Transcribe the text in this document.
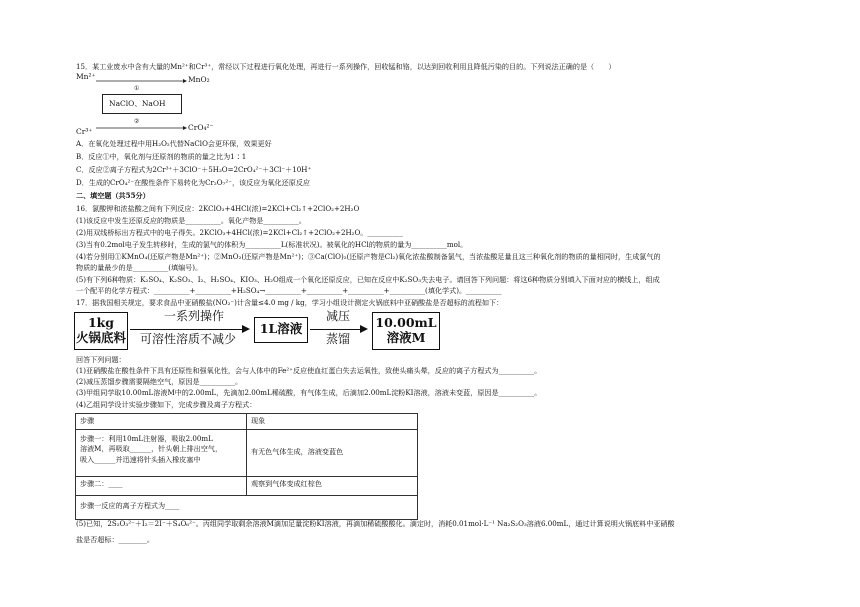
15．某工业废水中含有大量的Mn²⁺和Cr³⁺，常经以下过程进行氧化处理，再进行一系列操作，回收锰和铬，以达到回收利用且降低污染的目的。下列说法正确的是（　　）
Mn²⁺	MnO₂
①
NaClO、NaOH
②
Cr³⁺	CrO₄²⁻
A．在氧化处理过程中用H₂O₂代替NaClO会更环保，效果更好
B．反应①中，氧化剂与还原剂的物质的量之比为1∶1
C．反应②离子方程式为2Cr³⁺＋3ClO⁻＋5H₂O=2CrO₄²⁻＋3Cl⁻＋10H⁺
D．生成的CrO₄²⁻在酸性条件下易转化为Cr₂O₇²⁻，该反应为氧化还原反应
二、填空题（共55分）
16．氯酸钾和浓盐酸之间有下列反应：2KClO₃+4HCl(浓)=2KCl+Cl₂↑+2ClO₂+2H₂O
(1)该反应中发生还原反应的物质是__________。氧化产物是__________。
(2)用双线桥标出方程式中的电子得失。2KClO₃+4HCl(浓)=2KCl+Cl₂↑+2ClO₂+2H₂O。__________
(3)当有0.2mol电子发生转移时，生成的氯气的体积为__________L(标准状况)。被氧化的HCl的物质的量为__________mol。
(4)若分别用①KMnO₄(还原产物是Mn²⁺)；②MnO₂(还原产物是Mn²⁺)；③Ca(ClO)₂(还原产物是Cl₂)氧化浓盐酸制备氯气，当浓盐酸足量且这三种氧化剂的物质的量相同时，生成氯气的
物质的量最少的是__________(填编号)。
(5)有下列6种物质：K₂SO₄、K₂SO₃、I₂、H₂SO₄、KIO₃、H₂O组成一个氧化还原反应，已知在反应中K₂SO₃失去电子。请回答下列问题：将这6种物质分别填入下面对应的横线上，组成
一个配平的化学方程式：__________+__________+H₂SO₄→__________+__________+__________+__________(填化学式)。__________
17．据我国相关规定，要求食品中亚硝酸盐(NO₂⁻)计含量≤4.0 mg / kg，学习小组设计测定火锅底料中亚硝酸盐是否超标的流程如下：
1kg
火锅底料
一系列操作
可溶性溶质不减少
1L溶液
减压
蒸馏
10.00mL
溶液M
回答下列问题：
(1)亚硝酸盐在酸性条件下具有还原性和强氧化性，会与人体中的Fe²⁺反应使血红蛋白失去运氧性，致使头痛头晕，反应的离子方程式为__________。
(2)减压蒸馏步骤需要隔绝空气，原因是__________。
(3)甲组同学取10.00mL溶液M中的2.00mL，先滴加2.00mL稀硫酸，有气体生成，后滴加2.00mL淀粉KI溶液，溶液未变蓝，原因是__________。
(4)乙组同学设计实验步骤如下，完成步骤及离子方程式：
步骤	现象

步骤一：利用10mL注射器，吸取2.00mL
溶液M，再吸取______，针头朝上排出空气，
吸入______并迅速将针头插入橡皮塞中	有无色气体生成，溶液变蓝色
步骤二：____	观察到气体变成红棕色
步骤一反应的离子方程式为____	
(5)已知，2S₂O₃²⁻＋I₂＝2I⁻＋S₄O₆²⁻。丙组同学取剩余溶液M滴加足量淀粉KI溶液，再滴加稀硫酸酸化。滴定时，消耗0.01mol·L⁻¹ Na₂S₂O₃溶液6.00mL，通过计算说明火锅底料中亚硝酸
盐是否超标：________。
